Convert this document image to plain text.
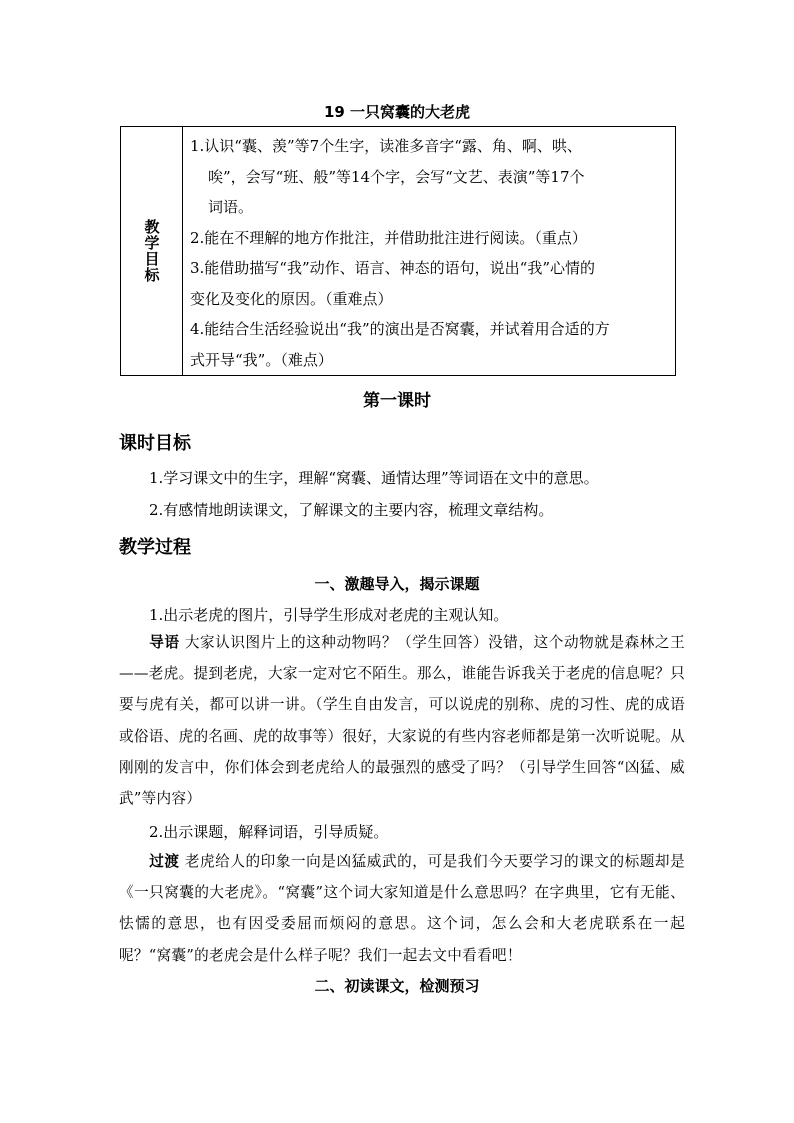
19 一只窝囊的大老虎
教学目标
1.认识“囊、羡”等7个生字，读准多音字“露、角、啊、哄、
唉”，会写“班、般”等14个字，会写“文艺、表演”等17个
词语。
2.能在不理解的地方作批注，并借助批注进行阅读。（重点）
3.能借助描写“我”动作、语言、神态的语句，说出“我”心情的
变化及变化的原因。（重难点）
4.能结合生活经验说出“我”的演出是否窝囊，并试着用合适的方
式开导“我”。（难点）
第一课时
课时目标
1.学习课文中的生字，理解“窝囊、通情达理”等词语在文中的意思。
2.有感情地朗读课文，了解课文的主要内容，梳理文章结构。
教学过程
一、激趣导入，揭示课题
1.出示老虎的图片，引导学生形成对老虎的主观认知。
导语 大家认识图片上的这种动物吗？（学生回答）没错，这个动物就是森林之王——老虎。提到老虎，大家一定对它不陌生。那么，谁能告诉我关于老虎的信息呢？只要与虎有关，都可以讲一讲。（学生自由发言，可以说虎的别称、虎的习性、虎的成语或俗语、虎的名画、虎的故事等）很好，大家说的有些内容老师都是第一次听说呢。从刚刚的发言中，你们体会到老虎给人的最强烈的感受了吗？（引导学生回答“凶猛、威武”等内容）
2.出示课题，解释词语，引导质疑。
过渡 老虎给人的印象一向是凶猛威武的，可是我们今天要学习的课文的标题却是《一只窝囊的大老虎》。“窝囊”这个词大家知道是什么意思吗？在字典里，它有无能、怯懦的意思，也有因受委屈而烦闷的意思。这个词，怎么会和大老虎联系在一起呢？“窝囊”的老虎会是什么样子呢？我们一起去文中看看吧！
二、初读课文，检测预习
